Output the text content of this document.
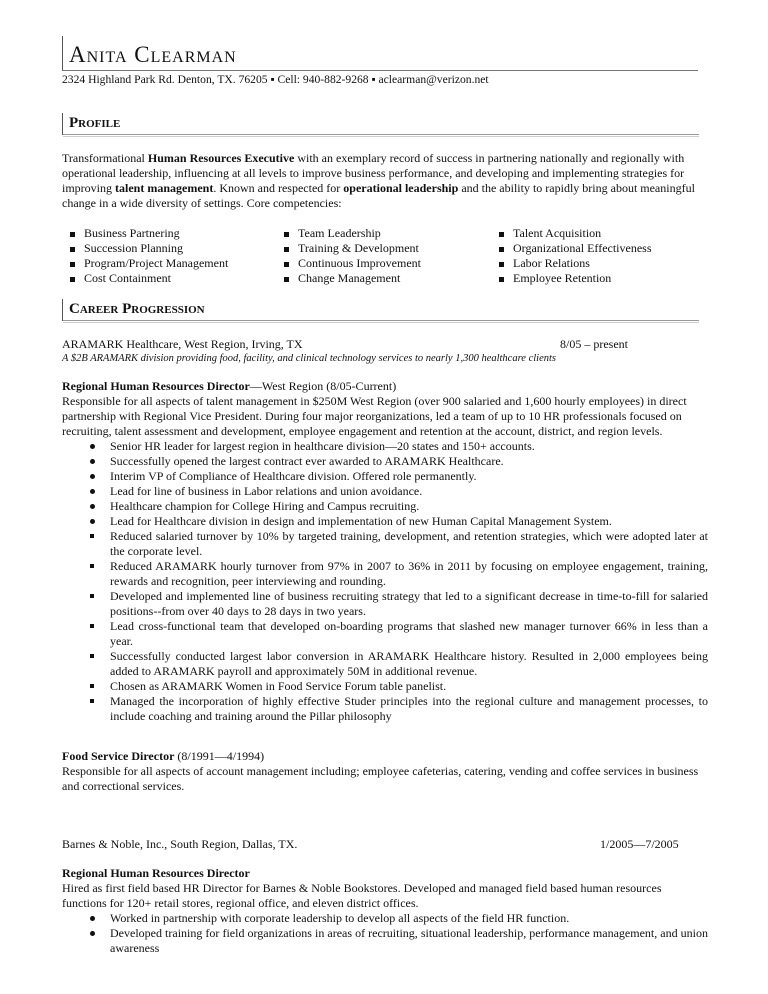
Anita Clearman
2324 Highland Park Rd. Denton, TX. 76205 ▪ Cell: 940-882-9268 ▪ aclearman@verizon.net
Profile

Transformational Human Resources Executive with an exemplary record of success in partnering nationally and regionally with operational leadership, influencing at all levels to improve business performance, and developing and implementing strategies for improving talent management. Known and respected for operational leadership and the ability to rapidly bring about meaningful change in a wide diversity of settings. Core competencies:

Business Partnering
Succession Planning
Program/Project Management
Cost Containment
Team Leadership
Training & Development
Continuous Improvement
Change Management
Talent Acquisition
Organizational Effectiveness
Labor Relations
Employee Retention
Career Progression
ARAMARK Healthcare, West Region, Irving, TX	8/05 – present
A $2B ARAMARK division providing food, facility, and clinical technology services to nearly 1,300 healthcare clients

Regional Human Resources Director—West Region (8/05-Current)

Responsible for all aspects of talent management in $250M West Region (over 900 salaried and 1,600 hourly employees) in direct partnership with Regional Vice President. During four major reorganizations, led a team of up to 10 HR professionals focused on recruiting, talent assessment and development, employee engagement and retention at the account, district, and region levels.

Senior HR leader for largest region in healthcare division—20 states and 150+ accounts.
Successfully opened the largest contract ever awarded to ARAMARK Healthcare.
Interim VP of Compliance of Healthcare division. Offered role permanently.
Lead for line of business in Labor relations and union avoidance.
Healthcare champion for College Hiring and Campus recruiting.
Lead for Healthcare division in design and implementation of new Human Capital Management System.
Reduced salaried turnover by 10% by targeted training, development, and retention strategies, which were adopted later at the corporate level.
Reduced ARAMARK hourly turnover from 97% in 2007 to 36% in 2011 by focusing on employee engagement, training, rewards and recognition, peer interviewing and rounding.
Developed and implemented line of business recruiting strategy that led to a significant decrease in time-to-fill for salaried positions--from over 40 days to 28 days in two years.
Lead cross-functional team that developed on-boarding programs that slashed new manager turnover 66% in less than a year.
Successfully conducted largest labor conversion in ARAMARK Healthcare history. Resulted in 2,000 employees being added to ARAMARK payroll and approximately 50M in additional revenue.
Chosen as ARAMARK Women in Food Service Forum table panelist.
Managed the incorporation of highly effective Studer principles into the regional culture and management processes, to include coaching and training around the Pillar philosophy

Food Service Director (8/1991—4/1994)

Responsible for all aspects of account management including; employee cafeterias, catering, vending and coffee services in business and correctional services.

Barnes & Noble, Inc., South Region, Dallas, TX.	1/2005—7/2005

Regional Human Resources Director

Hired as first field based HR Director for Barnes & Noble Bookstores. Developed and managed field based human resources functions for 120+ retail stores, regional office, and eleven district offices.

Worked in partnership with corporate leadership to develop all aspects of the field HR function.
Developed training for field organizations in areas of recruiting, situational leadership, performance management, and union awareness
